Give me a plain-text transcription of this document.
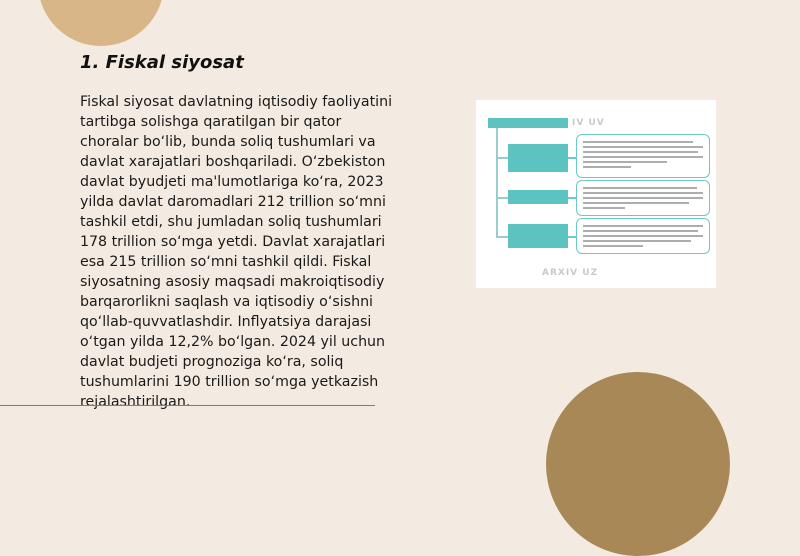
1. Fiskal siyosat

Fiskal siyosat davlatning iqtisodiy faoliyatini
tartibga solishga qaratilgan bir qator
choralar bo‘lib, bunda soliq tushumlari va
davlat xarajatlari boshqariladi. O‘zbekiston
davlat byudjeti ma'lumotlariga ko‘ra, 2023
yilda davlat daromadlari 212 trillion so‘mni
tashkil etdi, shu jumladan soliq tushumlari
178 trillion so‘mga yetdi. Davlat xarajatlari
esa 215 trillion so‘mni tashkil qildi. Fiskal
siyosatning asosiy maqsadi makroiqtisodiy
barqarorlikni saqlash va iqtisodiy o‘sishni
qo‘llab-quvvatlashdir. Inflyatsiya darajasi
o‘tgan yilda 12,2% bo‘lgan. 2024 yil uchun
davlat budjeti prognoziga ko‘ra, soliq
tushumlarini 190 trillion so‘mga yetkazish
rejalashtirilgan.

IV UV
ARXIV UZ
